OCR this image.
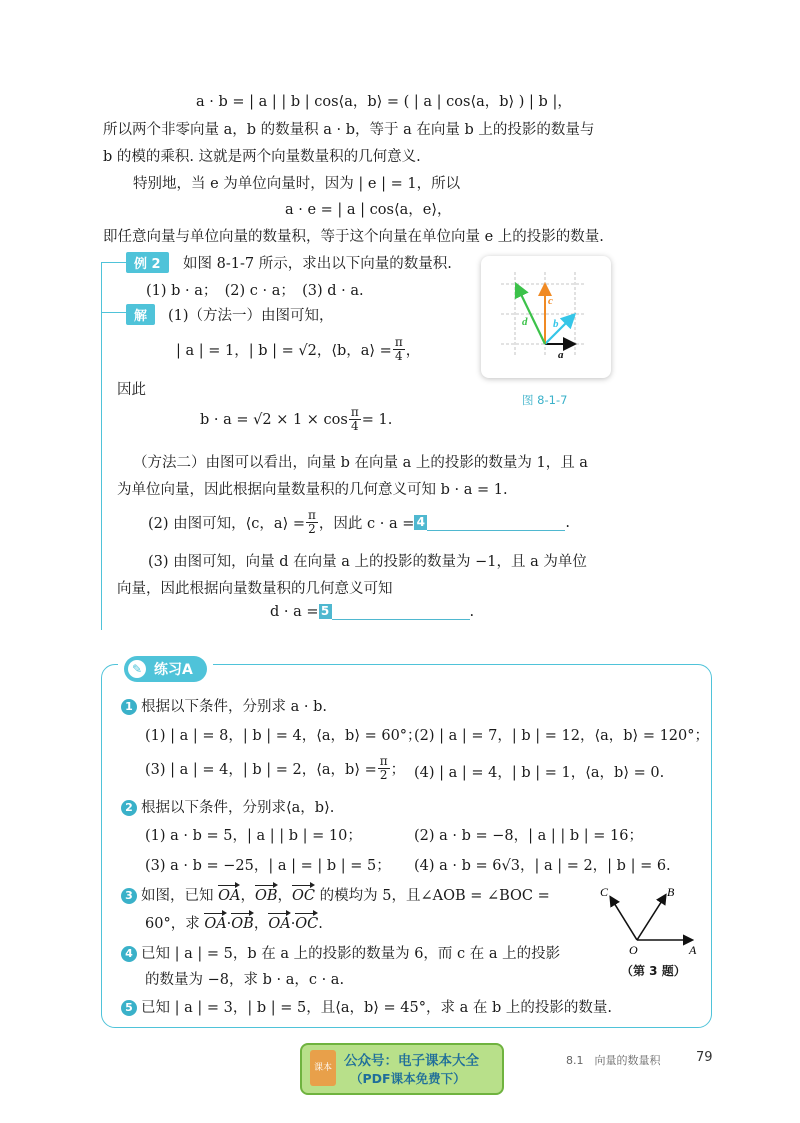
a · b = | a | | b | cos⟨a，b⟩ = ( | a | cos⟨a，b⟩ ) | b |，
所以两个非零向量 a，b 的数量积 a · b，等于 a 在向量 b 上的投影的数量与
b 的模的乘积. 这就是两个向量数量积的几何意义.
特别地，当 e 为单位向量时，因为 | e | = 1，所以
a · e = | a | cos⟨a，e⟩，
即任意向量与单位向量的数量积，等于这个向量在单位向量 e 上的投影的数量.
例 2	如图 8-1-7 所示，求出以下向量的数量积.
(1) b · a；　(2) c · a；　(3) d · a.
解	(1)（方法一）由图可知，
| a | = 1，| b | = √2，⟨b，a⟩ = $\frac{\pi}{4}$ ，
因此
$b \cdot a = √2 \times 1 \times \cos \frac{\pi}{4} = 1$.
（方法二）由图可以看出，向量 b 在向量 a 上的投影的数量为 1，且 a
为单位向量，因此根据向量数量积的几何意义可知 b · a = 1.
(2) 由图可知，⟨c，a⟩ = $\frac{\pi}{2}$ ，因此 c · a = 4	.
(3) 由图可知，向量 d 在向量 a 上的投影的数量为 −1，且 a 为单位
向量，因此根据向量数量积的几何意义可知
d · a = 5	.
a
b
c
d
图 8-1-7
✎ 练习A
1 根据以下条件，分别求 a · b.
(1) | a | = 8，| b | = 4，⟨a，b⟩ = 60°；
(2) | a | = 7，| b | = 12，⟨a，b⟩ = 120°；
(3) | a | = 4，| b | = 2，⟨a，b⟩ = $\frac{\pi}{2}$ ； (4) | a | = 4，| b | = 1，⟨a，b⟩ = 0.
2 根据以下条件，分别求⟨a，b⟩.
(1) a · b = 5，| a | | b | = 10；	(2) a · b = −8，| a | | b | = 16；
(3) a · b = −25，| a | = | b | = 5； (4) a · b = 6√3，| a | = 2，| b | = 6.
3 如图，已知 OA，OB，OC 的模均为 5，且∠AOB = ∠BOC =
60°，求 OA·OB，OA·OC.
O	A
B
C
（第 3 题）
4 已知 | a | = 5，b 在 a 上的投影的数量为 6，而 c 在 a 上的投影
的数量为 −8，求 b · a，c · a.
5 已知 | a | = 3，| b | = 5，且⟨a，b⟩ = 45°，求 a 在 b 上的投影的数量.
8.1　向量的数量积	79
课本 公众号：电子课本大全
（PDF课本免费下）
